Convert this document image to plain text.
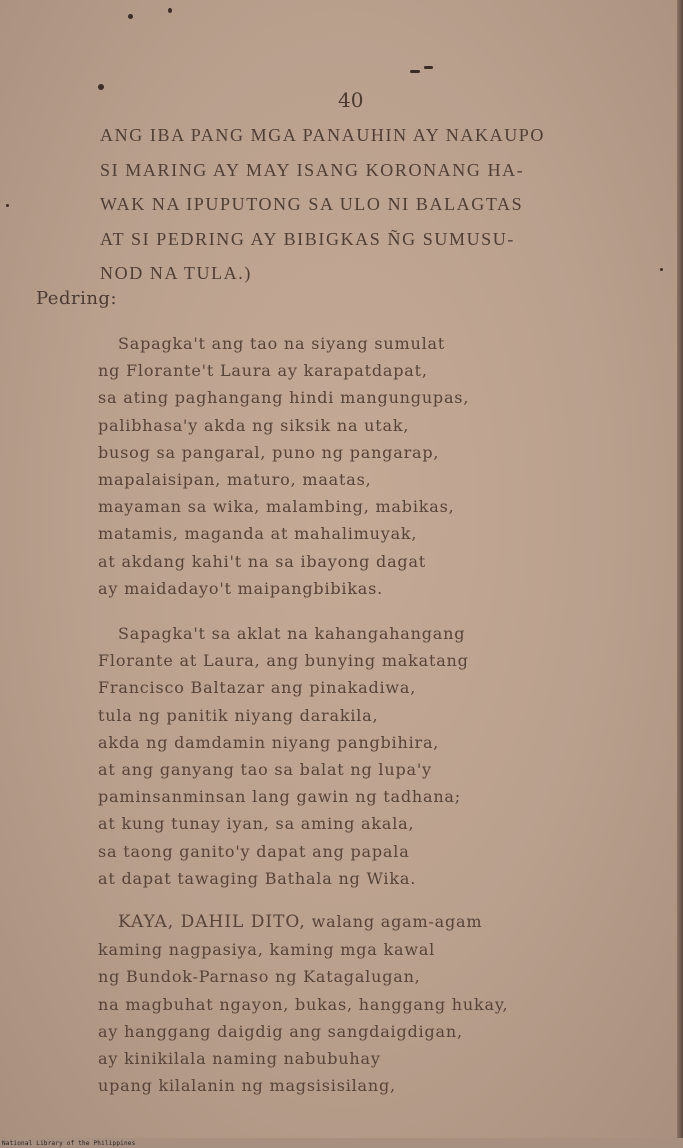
40
ANG IBA PANG MGA PANAUHIN AY NAKAUPO
SI MARING AY MAY ISANG KORONANG HA-
WAK NA IPUPUTONG SA ULO NI BALAGTAS
AT SI PEDRING AY BIBIGKAS ÑG SUMUSU-
NOD NA TULA.)
Pedring:
Sapagka't ang tao na siyang sumulat
ng Florante't Laura ay karapatdapat,
sa ating paghangang hindi mangungupas,
palibhasa'y akda ng siksik na utak,
busog sa pangaral, puno ng pangarap,
mapalaisipan, maturo, maatas,
mayaman sa wika, malambing, mabikas,
matamis, maganda at mahalimuyak,
at akdang kahi't na sa ibayong dagat
ay maidadayo't maipangbibikas.
Sapagka't sa aklat na kahangahangang
Florante at Laura, ang bunying makatang
Francisco Baltazar ang pinakadiwa,
tula ng panitik niyang darakila,
akda ng damdamin niyang pangbihira,
at ang ganyang tao sa balat ng lupa'y
paminsanminsan lang gawin ng tadhana;
at kung tunay iyan, sa aming akala,
sa taong ganito'y dapat ang papala
at dapat tawaging Bathala ng Wika.
KAYA, DAHIL DITO, walang agam-agam
kaming nagpasiya, kaming mga kawal
ng Bundok-Parnaso ng Katagalugan,
na magbuhat ngayon, bukas, hanggang hukay,
ay hanggang daigdig ang sangdaigdigan,
ay kinikilala naming nabubuhay
upang kilalanin ng magsisisilang,
National Library of the Philippines
